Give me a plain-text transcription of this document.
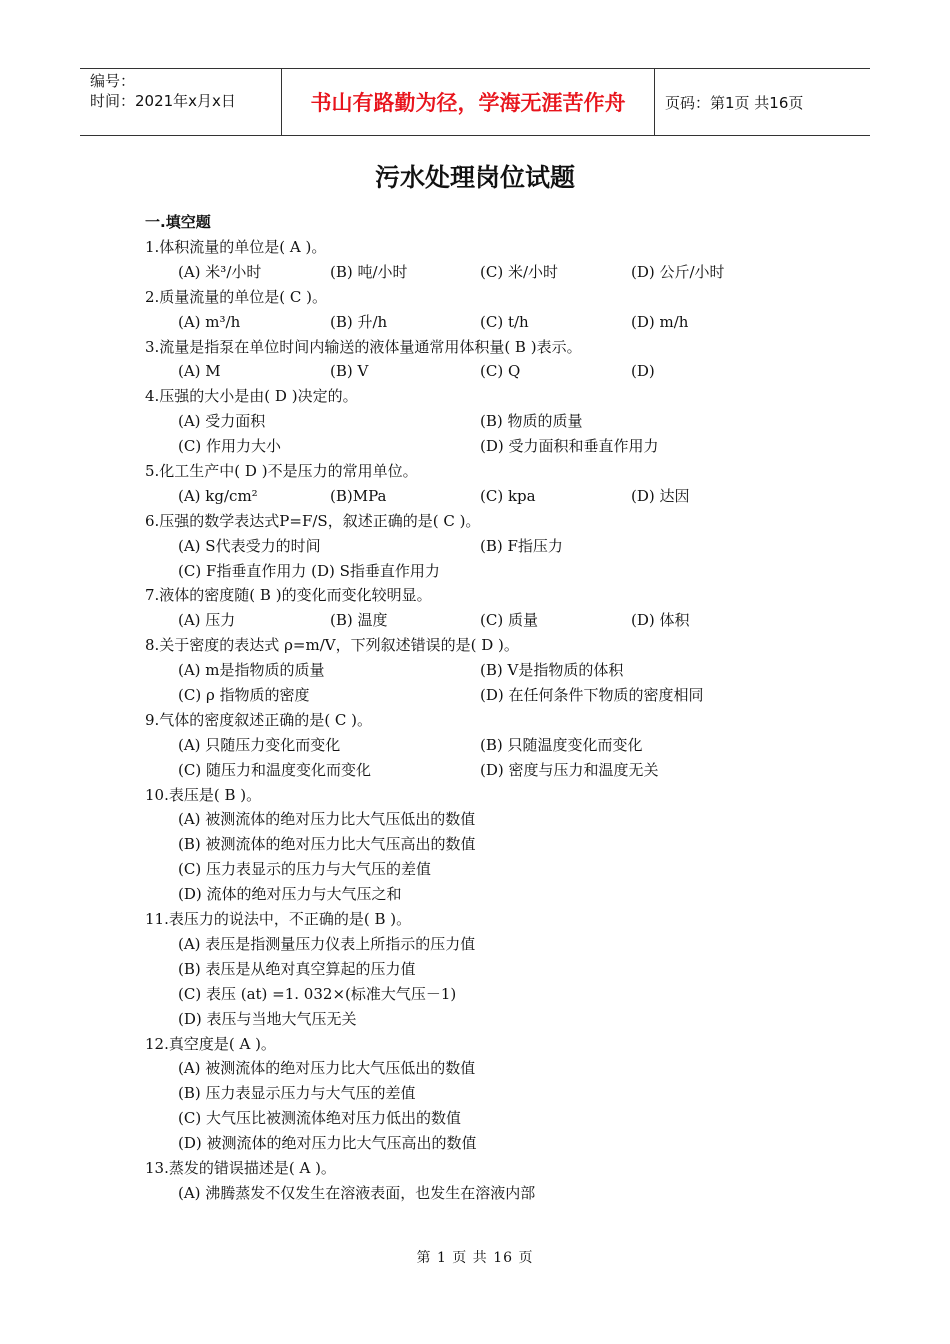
编号：
时间：2021年x月x日	书山有路勤为径，学海无涯苦作舟	页码：第1页 共16页
污水处理岗位试题
一.填空题
1.体积流量的单位是( A )。
(A) 米³/小时	(B) 吨/小时	(C) 米/小时	(D) 公斤/小时
2.质量流量的单位是( C )。
(A) m³/h	(B) 升/h	(C) t/h	(D) m/h
3.流量是指泵在单位时间内输送的液体量通常用体积量( B )表示。
(A) M	(B) V	(C) Q	(D)
4.压强的大小是由( D )决定的。
(A) 受力面积	(B) 物质的质量
(C) 作用力大小	(D) 受力面积和垂直作用力
5.化工生产中( D )不是压力的常用单位。
(A) kg/cm²	(B)MPa	(C) kpa	(D) 达因
6.压强的数学表达式P=F/S，叙述正确的是( C )。
(A) S代表受力的时间	(B) F指压力
(C) F指垂直作用力 (D) S指垂直作用力
7.液体的密度随( B )的变化而变化较明显。
(A) 压力	(B) 温度	(C) 质量	(D) 体积
8.关于密度的表达式 ρ=m/V，下列叙述错误的是( D )。
(A) m是指物质的质量	(B) V是指物质的体积
(C) ρ 指物质的密度	(D) 在任何条件下物质的密度相同
9.气体的密度叙述正确的是( C )。
(A) 只随压力变化而变化	(B) 只随温度变化而变化
(C) 随压力和温度变化而变化	(D) 密度与压力和温度无关
10.表压是( B )。
(A) 被测流体的绝对压力比大气压低出的数值
(B) 被测流体的绝对压力比大气压高出的数值
(C) 压力表显示的压力与大气压的差值
(D) 流体的绝对压力与大气压之和
11.表压力的说法中，不正确的是( B )。
(A) 表压是指测量压力仪表上所指示的压力值
(B) 表压是从绝对真空算起的压力值
(C) 表压 (at) =1. 032×(标准大气压－1)
(D) 表压与当地大气压无关
12.真空度是( A )。
(A) 被测流体的绝对压力比大气压低出的数值
(B) 压力表显示压力与大气压的差值
(C) 大气压比被测流体绝对压力低出的数值
(D) 被测流体的绝对压力比大气压高出的数值
13.蒸发的错误描述是( A )。
(A) 沸腾蒸发不仅发生在溶液表面，也发生在溶液内部
第 1 页 共 16 页
